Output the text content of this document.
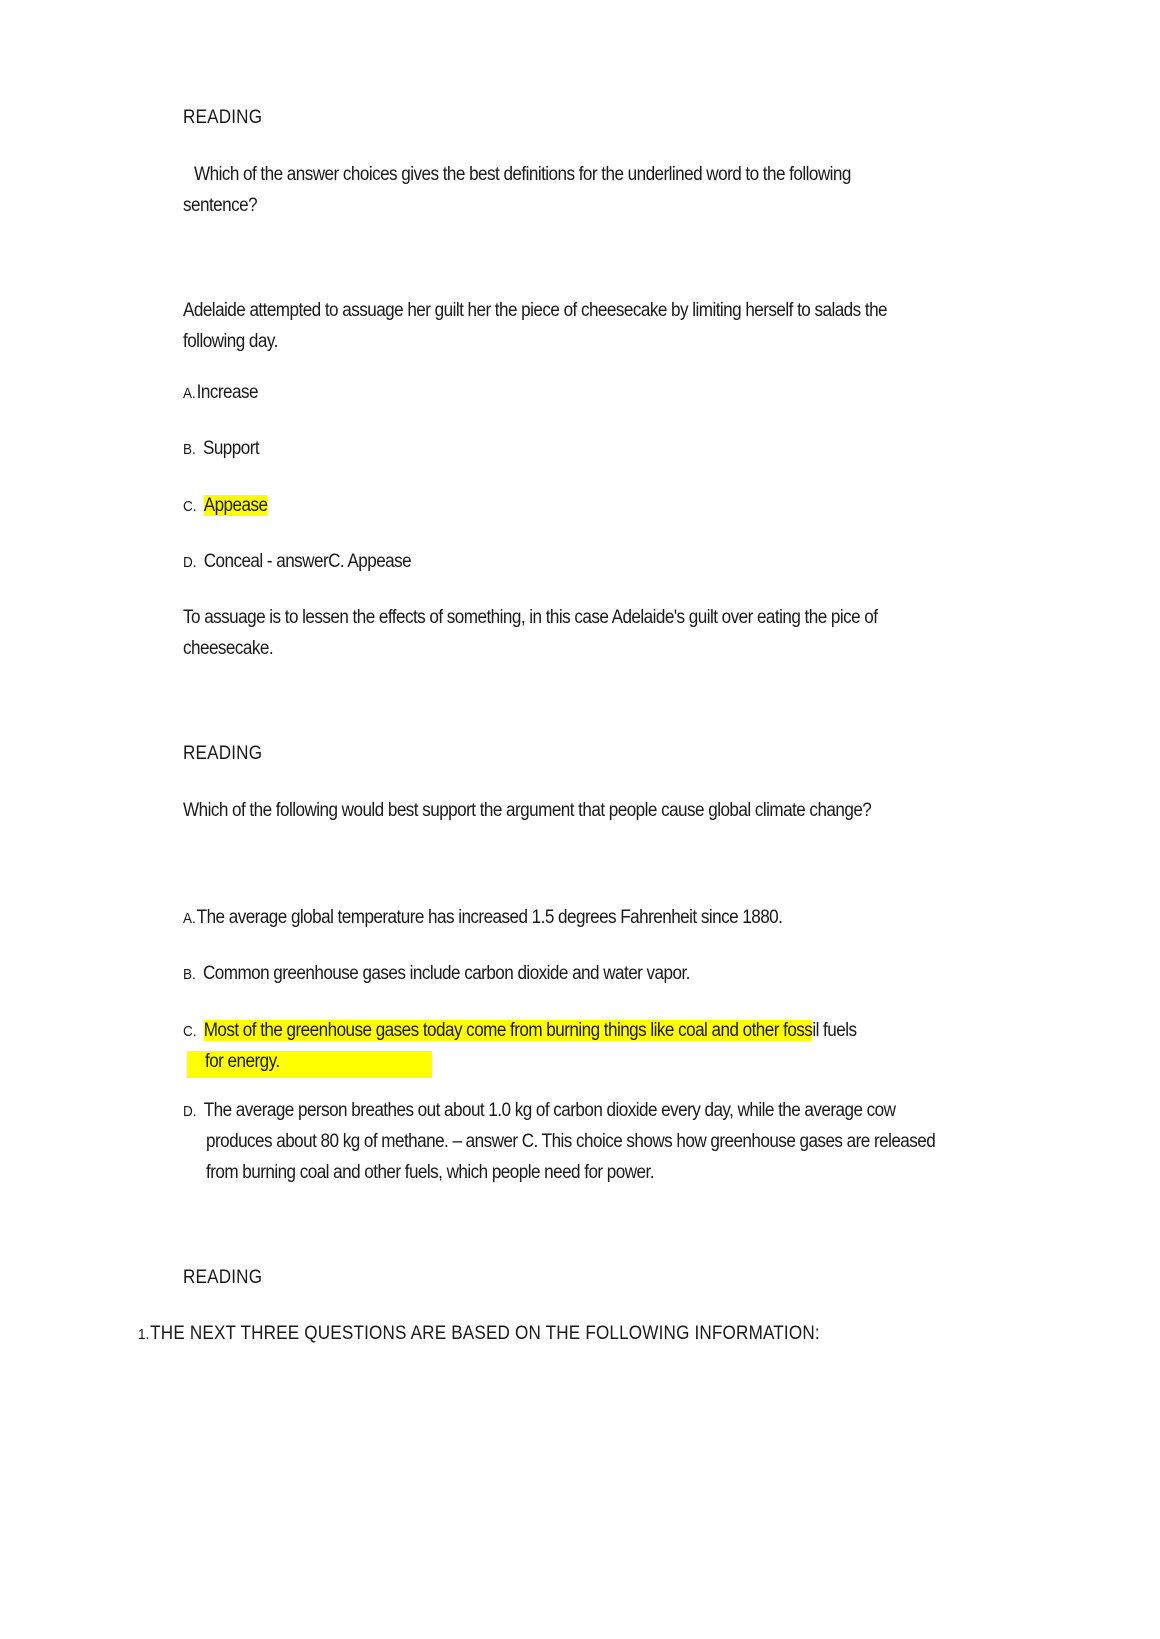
READING
Which of the answer choices gives the best definitions for the underlined word to the following
sentence?
Adelaide attempted to assuage her guilt her the piece of cheesecake by limiting herself to salads the
following day.
A.Increase
B. Support
C. Appease
D. Conceal - answerC. Appease
To assuage is to lessen the effects of something, in this case Adelaide's guilt over eating the pice of
cheesecake.
READING
Which of the following would best support the argument that people cause global climate change?
A.The average global temperature has increased 1.5 degrees Fahrenheit since 1880.
B. Common greenhouse gases include carbon dioxide and water vapor.
C. Most of the greenhouse gases today come from burning things like coal and other fossil fuels
for energy.
D. The average person breathes out about 1.0 kg of carbon dioxide every day, while the average cow
produces about 80 kg of methane. – answer C. This choice shows how greenhouse gases are released
from burning coal and other fuels, which people need for power.
READING
1.THE NEXT THREE QUESTIONS ARE BASED ON THE FOLLOWING INFORMATION:
